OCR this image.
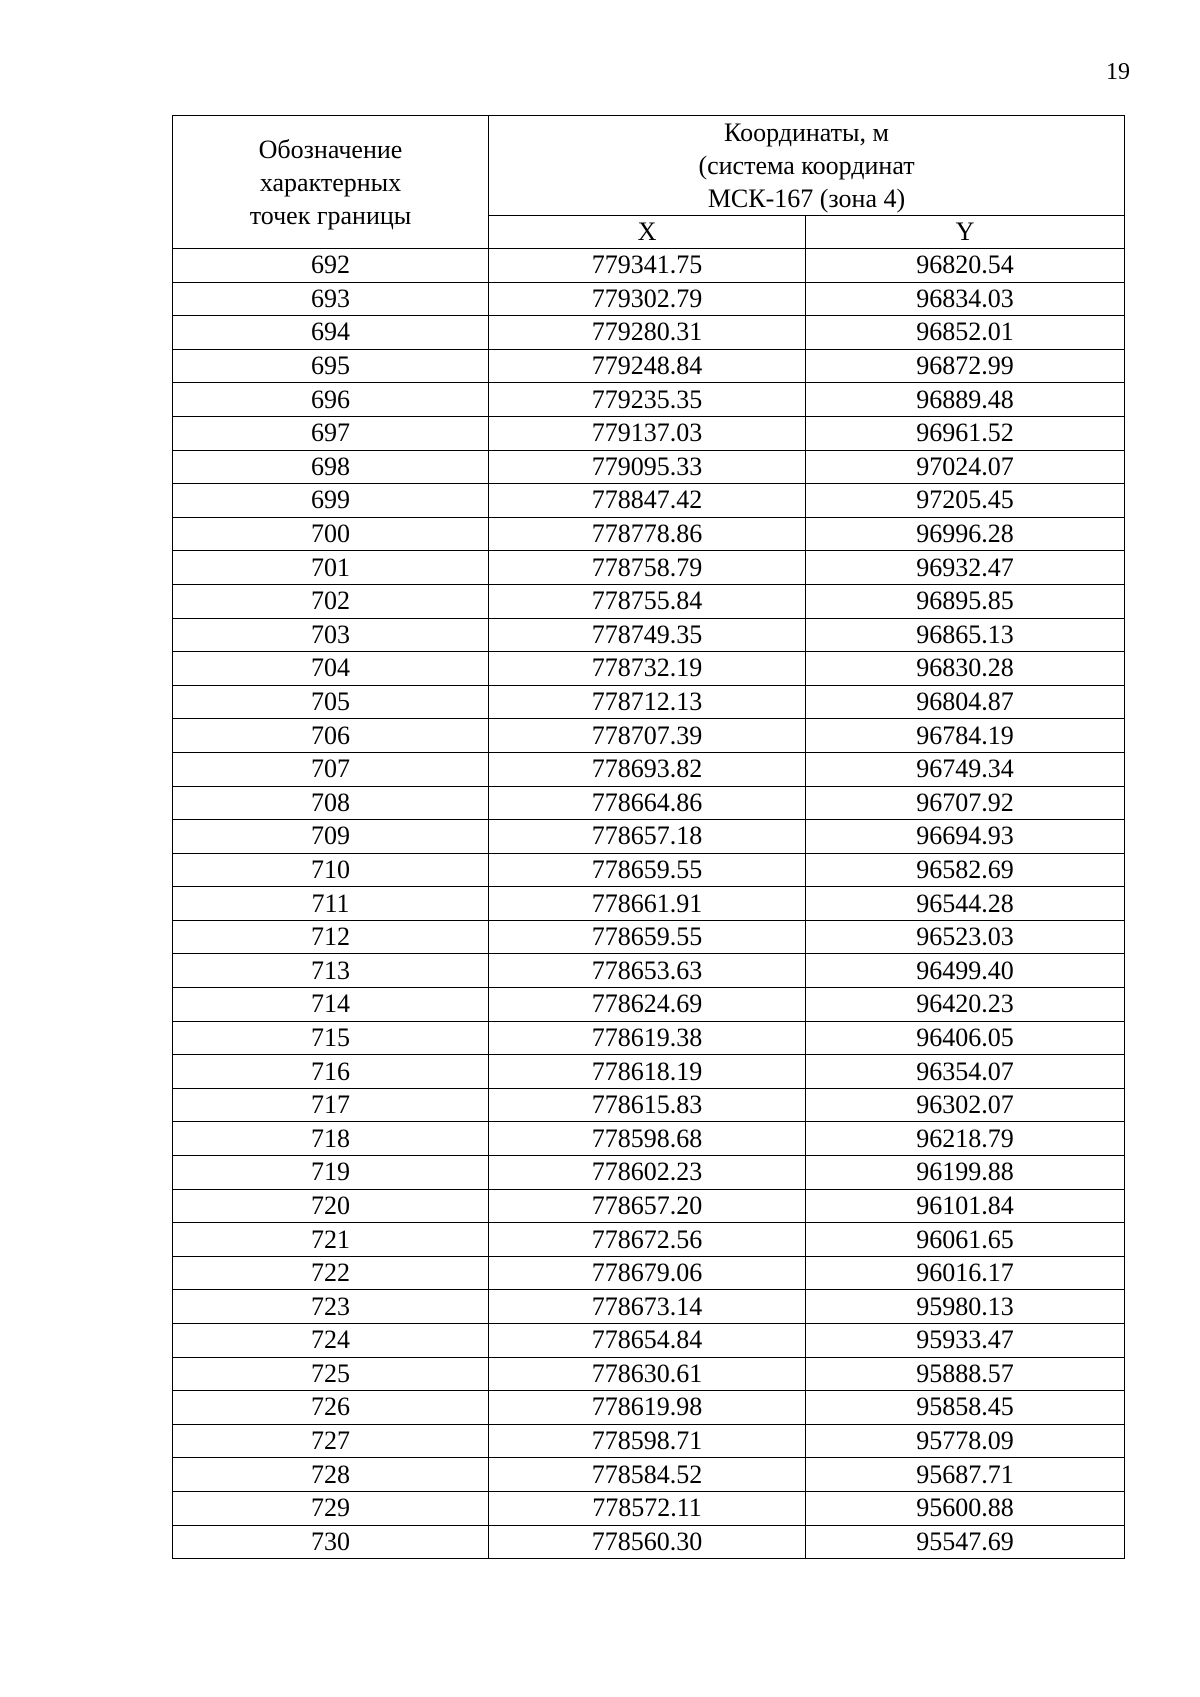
19
Обозначение
характерных
точек границы	Координаты, м
(система координат
МСК-167 (зона 4)	

	X	Y
692	779341.75	96820.54
693	779302.79	96834.03
694	779280.31	96852.01
695	779248.84	96872.99
696	779235.35	96889.48
697	779137.03	96961.52
698	779095.33	97024.07
699	778847.42	97205.45
700	778778.86	96996.28
701	778758.79	96932.47
702	778755.84	96895.85
703	778749.35	96865.13
704	778732.19	96830.28
705	778712.13	96804.87
706	778707.39	96784.19
707	778693.82	96749.34
708	778664.86	96707.92
709	778657.18	96694.93
710	778659.55	96582.69
711	778661.91	96544.28
712	778659.55	96523.03
713	778653.63	96499.40
714	778624.69	96420.23
715	778619.38	96406.05
716	778618.19	96354.07
717	778615.83	96302.07
718	778598.68	96218.79
719	778602.23	96199.88
720	778657.20	96101.84
721	778672.56	96061.65
722	778679.06	96016.17
723	778673.14	95980.13
724	778654.84	95933.47
725	778630.61	95888.57
726	778619.98	95858.45
727	778598.71	95778.09
728	778584.52	95687.71
729	778572.11	95600.88
730	778560.30	95547.69
